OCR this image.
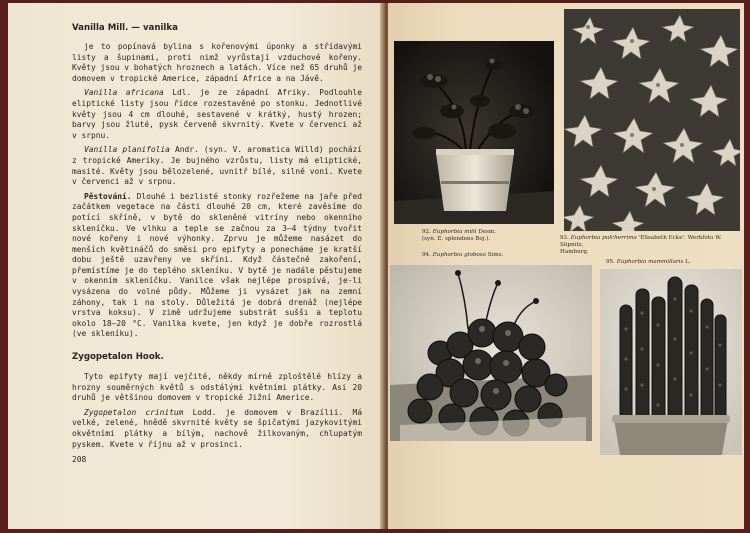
Vanilla Mill. — vanilka

je to popínavá bylina s kořenovými úponky a střídavými listy a šupinami, proti nimž vyrůstají vzduchové kořeny. Květy jsou v bohatých hroznech a latách. Více než 65 druhů je domovem v tropické Americe, západní Africe a na Jávě.

Vanilla africana Ldl. je ze západní Afriky. Podlouhle eliptické listy jsou řídce rozestavěné po stonku. Jednotlivé květy jsou 4 cm dlouhé, sestavené v krátký, hustý hrozen; barvy jsou žluté, pysk červeně skvrnitý. Kvete v červenci až v srpnu.

Vanilla planifolia Andr. (syn. V. aromatica Willd) pochází z tropické Ameriky. Je bujného vzrůstu, listy má eliptické, masité. Květy jsou bělozelené, uvnitř bílé, silně voní. Kvete v červenci až v srpnu.

Pěstování. Dlouhé i bezlisté stonky rozřežeme na jaře před začátkem vegetace na části dlouhé 20 cm, které zavěsíme do potící skříně, v bytě do skleněné vitríny nebo okenního skleníčku. Ve vlhku a teple se začnou za 3—4 týdny tvořit nové kořeny i nové výhonky. Zprvu je můžeme nasázet do menších květináčů do směsi pro epifyty a ponecháme je kratší dobu ještě uzavřeny ve skříni. Když částečně zakoření, přemístíme je do teplého skleníku. V bytě je nadále pěstujeme v okenním skleníčku. Vanilce však nejlépe prospívá, je-li vysázena do volné půdy. Můžeme ji vysázet jak na zemní záhony, tak i na stoly. Důležitá je dobrá drenáž (nejlépe vrstva koksu). V zimě udržujeme substrát suššı a teplotu okolo 18—20 °C. Vanilka kvete, jen když je dobře rozrostlá (ve skleníku).

Zygopetalon Hook.

Tyto epifyty mají vejčité, někdy mírně zploštělé hlízy a hrozny souměrných květů s odstálými květními plátky. Asi 20 druhů je většinou domovem v tropické Jižní Americe.

Zygopetalon crinitum Lodd. je domovem v Brazílii. Má velké, zelené, hnědě skvrnité květy se špičatými jazykovitými okvětními plátky a bílým, nachově žilkovaným, chlupatým pyskem. Kvete v říjnu až v prosinci.

208
92. Euphorbia milii Desm.
(syn. E. splendens Boj.).	93. Euphorbia pulcherrima 'Elisabeth Ecke'. Werkfoto W. Süpnitz,
Hamburg.
94. Euphorbia globosa Sims.
95. Euphorbia mammillaris L.
